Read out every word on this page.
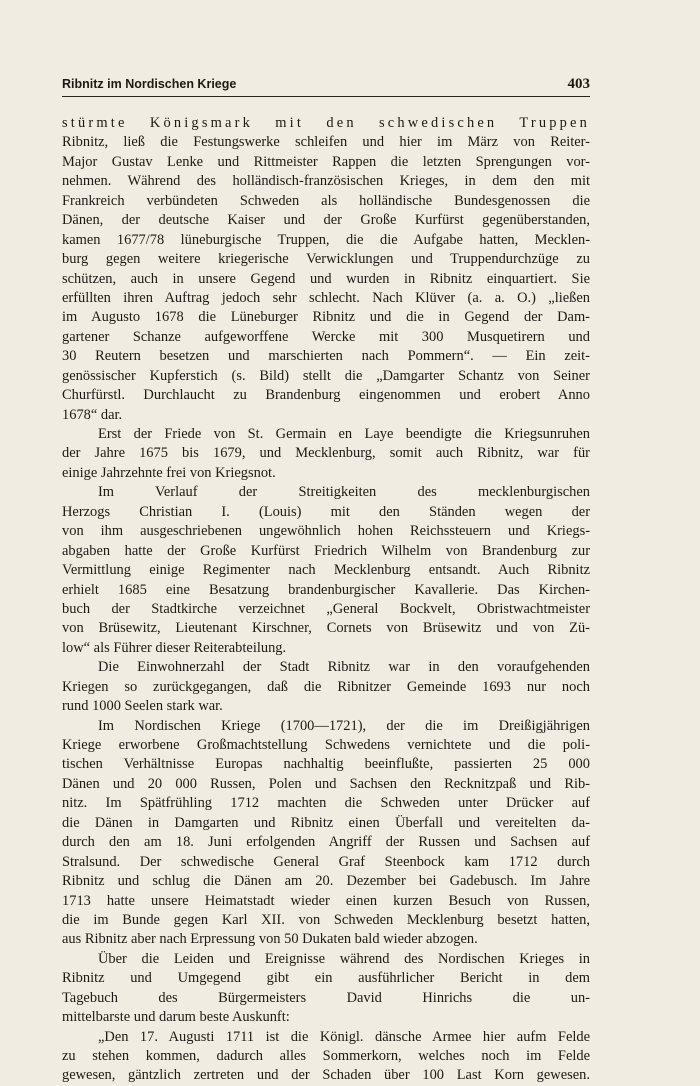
Ribnitz im Nordischen Kriege	403
stürmte Königsmark mit den schwedischen Truppen
Ribnitz, ließ die Festungswerke schleifen und hier im März von Reiter-
Major Gustav Lenke und Rittmeister Rappen die letzten Sprengungen vor-
nehmen. Während des holländisch-französischen Krieges, in dem den mit
Frankreich verbündeten Schweden als holländische Bundesgenossen die
Dänen, der deutsche Kaiser und der Große Kurfürst gegenüberstanden,
kamen 1677/78 lüneburgische Truppen, die die Aufgabe hatten, Mecklen-
burg gegen weitere kriegerische Verwicklungen und Truppendurchzüge zu
schützen, auch in unsere Gegend und wurden in Ribnitz einquartiert. Sie
erfüllten ihren Auftrag jedoch sehr schlecht. Nach Klüver (a. a. O.) „ließen
im Augusto 1678 die Lüneburger Ribnitz und die in Gegend der Dam-
gartener Schanze aufgeworffene Wercke mit 300 Musquetirern und
30 Reutern besetzen und marschierten nach Pommern“. — Ein zeit-
genössischer Kupferstich (s. Bild) stellt die „Damgarter Schantz von Seiner
Churfürstl. Durchlaucht zu Brandenburg eingenommen und erobert Anno
1678“ dar.
Erst der Friede von St. Germain en Laye beendigte die Kriegsunruhen
der Jahre 1675 bis 1679, und Mecklenburg, somit auch Ribnitz, war für
einige Jahrzehnte frei von Kriegsnot.
Im Verlauf der Streitigkeiten des mecklenburgischen
Herzogs Christian I. (Louis) mit den Ständen wegen der
von ihm ausgeschriebenen ungewöhnlich hohen Reichssteuern und Kriegs-
abgaben hatte der Große Kurfürst Friedrich Wilhelm von Brandenburg zur
Vermittlung einige Regimenter nach Mecklenburg entsandt. Auch Ribnitz
erhielt 1685 eine Besatzung brandenburgischer Kavallerie. Das Kirchen-
buch der Stadtkirche verzeichnet „General Bockvelt, Obristwachtmeister
von Brüsewitz, Lieutenant Kirschner, Cornets von Brüsewitz und von Zü-
low“ als Führer dieser Reiterabteilung.
Die Einwohnerzahl der Stadt Ribnitz war in den voraufgehenden
Kriegen so zurückgegangen, daß die Ribnitzer Gemeinde 1693 nur noch
rund 1000 Seelen stark war.
Im Nordischen Kriege (1700—1721), der die im Dreißigjährigen
Kriege erworbene Großmachtstellung Schwedens vernichtete und die poli-
tischen Verhältnisse Europas nachhaltig beeinflußte, passierten 25 000
Dänen und 20 000 Russen, Polen und Sachsen den Recknitzpaß und Rib-
nitz. Im Spätfrühling 1712 machten die Schweden unter Drücker auf
die Dänen in Damgarten und Ribnitz einen Überfall und vereitelten da-
durch den am 18. Juni erfolgenden Angriff der Russen und Sachsen auf
Stralsund. Der schwedische General Graf Steenbock kam 1712 durch
Ribnitz und schlug die Dänen am 20. Dezember bei Gadebusch. Im Jahre
1713 hatte unsere Heimatstadt wieder einen kurzen Besuch von Russen,
die im Bunde gegen Karl XII. von Schweden Mecklenburg besetzt hatten,
aus Ribnitz aber nach Erpressung von 50 Dukaten bald wieder abzogen.
Über die Leiden und Ereignisse während des Nordischen Krieges in
Ribnitz und Umgegend gibt ein ausführlicher Bericht in dem
Tagebuch des Bürgermeisters David Hinrichs die un-
mittelbarste und darum beste Auskunft:
„Den 17. Augusti 1711 ist die Königl. dänsche Armee hier aufm Felde
zu stehen kommen, dadurch alles Sommerkorn, welches noch im Felde
gewesen, gäntzlich zertreten und der Schaden über 100 Last Korn gewesen.
